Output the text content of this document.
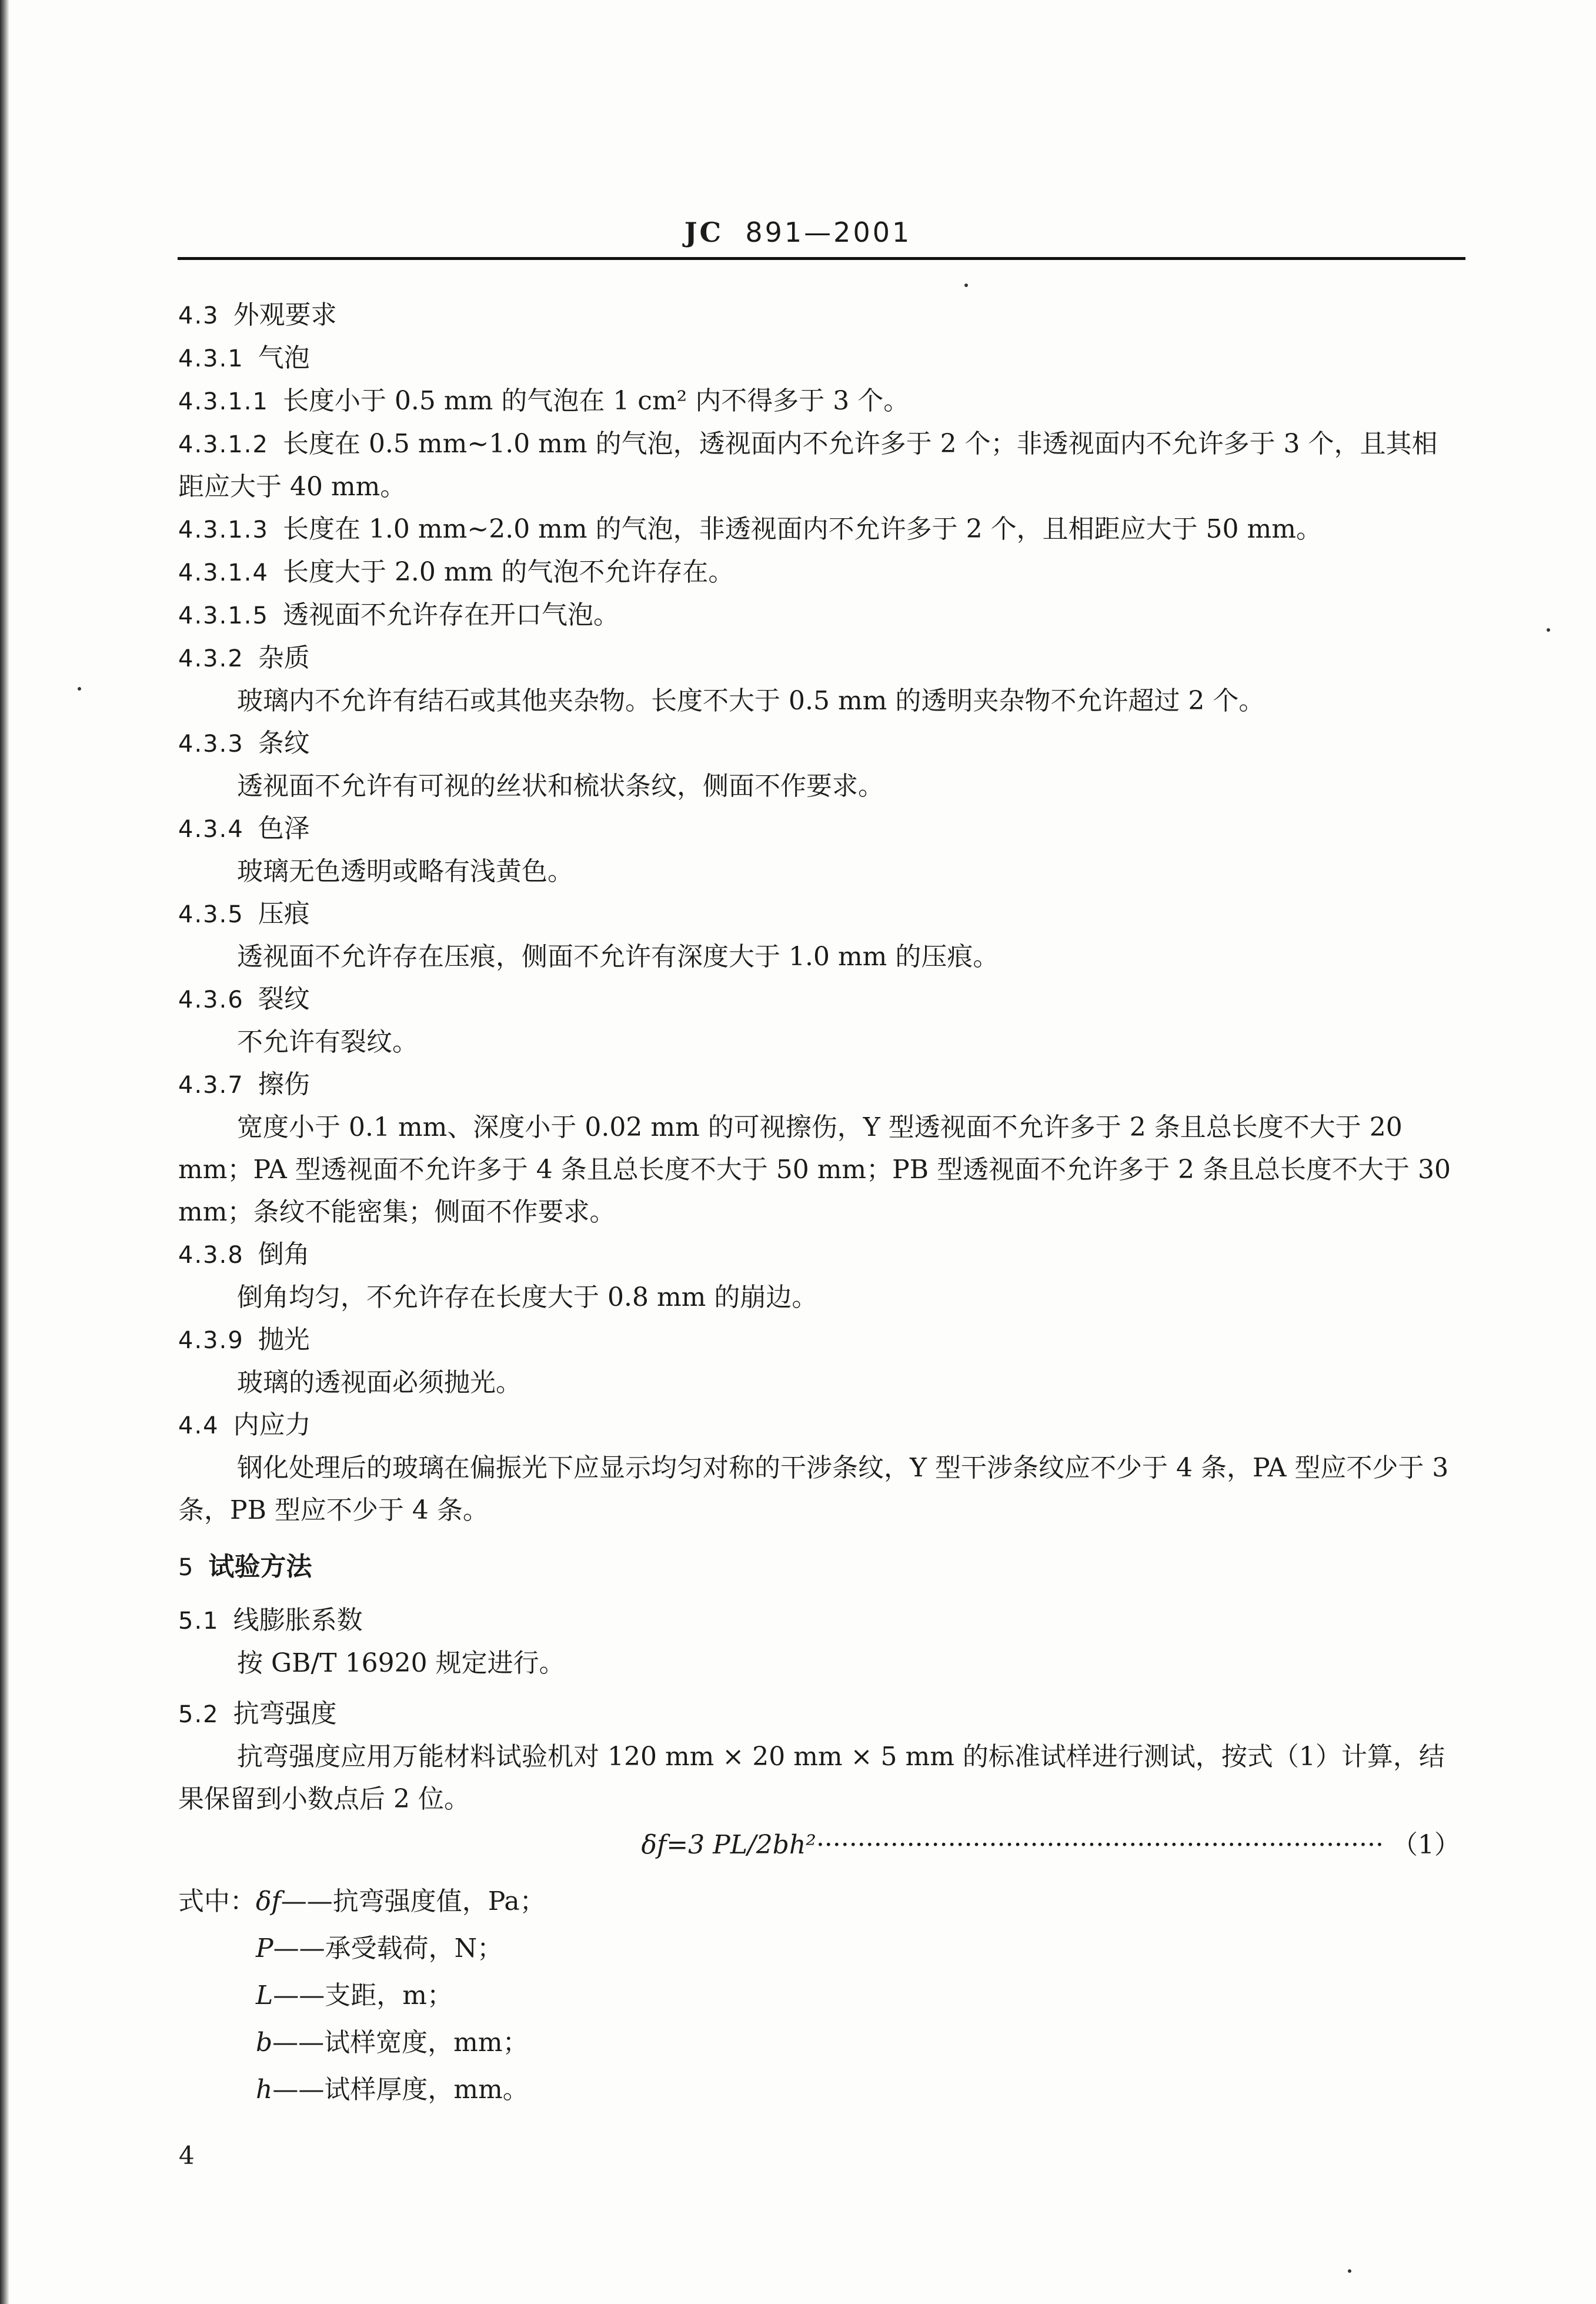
JC 891—2001
4.3 外观要求
4.3.1 气泡
4.3.1.1 长度小于 0.5 mm 的气泡在 1 cm² 内不得多于 3 个。
4.3.1.2 长度在 0.5 mm~1.0 mm 的气泡，透视面内不允许多于 2 个；非透视面内不允许多于 3 个，且其相距应大于 40 mm。
4.3.1.3 长度在 1.0 mm~2.0 mm 的气泡，非透视面内不允许多于 2 个，且相距应大于 50 mm。
4.3.1.4 长度大于 2.0 mm 的气泡不允许存在。
4.3.1.5 透视面不允许存在开口气泡。
4.3.2 杂质
玻璃内不允许有结石或其他夹杂物。长度不大于 0.5 mm 的透明夹杂物不允许超过 2 个。
4.3.3 条纹
透视面不允许有可视的丝状和梳状条纹，侧面不作要求。
4.3.4 色泽
玻璃无色透明或略有浅黄色。
4.3.5 压痕
透视面不允许存在压痕，侧面不允许有深度大于 1.0 mm 的压痕。
4.3.6 裂纹
不允许有裂纹。
4.3.7 擦伤
宽度小于 0.1 mm、深度小于 0.02 mm 的可视擦伤，Y 型透视面不允许多于 2 条且总长度不大于 20 mm；PA 型透视面不允许多于 4 条且总长度不大于 50 mm；PB 型透视面不允许多于 2 条且总长度不大于 30 mm；条纹不能密集；侧面不作要求。
4.3.8 倒角
倒角均匀，不允许存在长度大于 0.8 mm 的崩边。
4.3.9 抛光
玻璃的透视面必须抛光。
4.4 内应力
钢化处理后的玻璃在偏振光下应显示均匀对称的干涉条纹，Y 型干涉条纹应不少于 4 条，PA 型应不少于 3 条，PB 型应不少于 4 条。
5 试验方法
5.1 线膨胀系数
按 GB/T 16920 规定进行。
5.2 抗弯强度
抗弯强度应用万能材料试验机对 120 mm × 20 mm × 5 mm 的标准试样进行测试，按式（1）计算，结果保留到小数点后 2 位。
δf=3 PL/2bh²····································································· （1）
式中：δf——抗弯强度值，Pa；
P——承受载荷，N；
L——支距，m；
b——试样宽度，mm；
h——试样厚度，mm。
4
